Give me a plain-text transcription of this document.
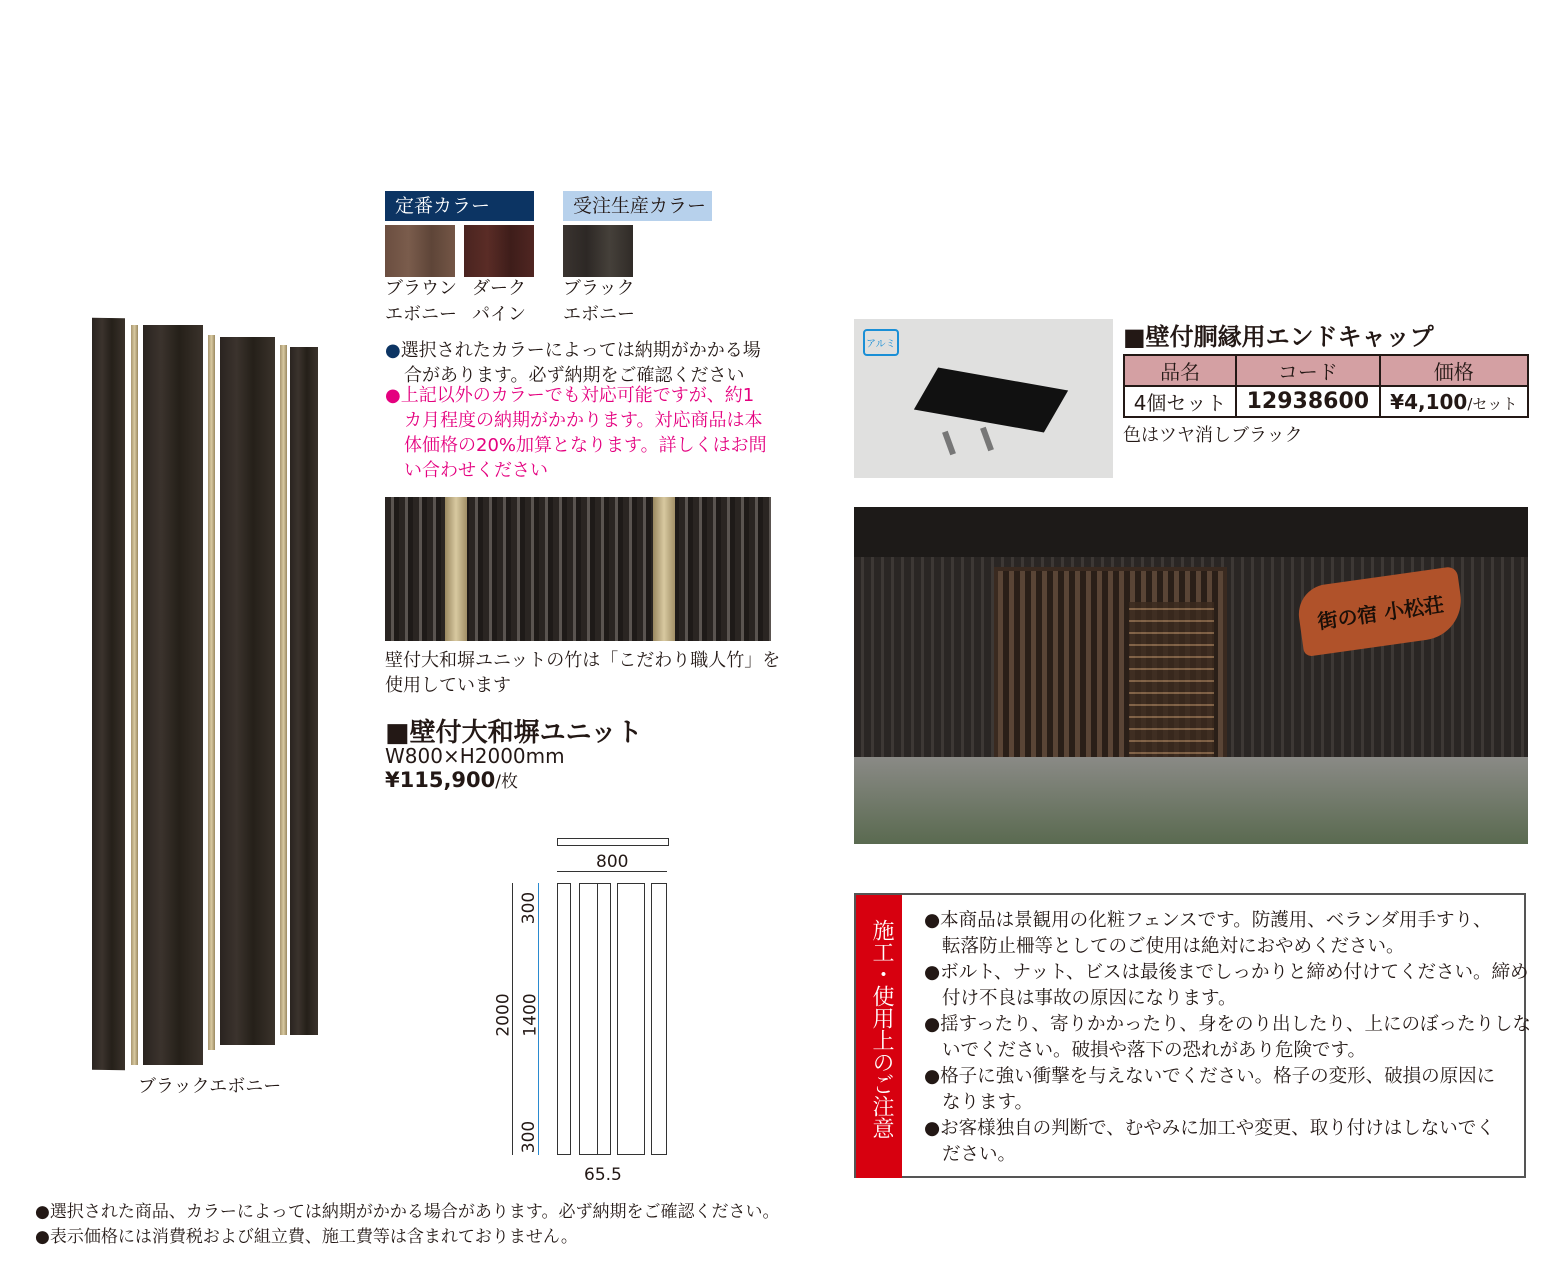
ブラックエボニー
定番カラー	受注生産カラー
ブラウン
エボニー
ダーク
パイン
ブラック
エボニー
●選択されたカラーによっては納期がかかる場
合があります。必ず納期をご確認ください
●上記以外のカラーでも対応可能ですが、約1
カ月程度の納期がかかります。対応商品は本
体価格の20%加算となります。詳しくはお問
い合わせください
壁付大和塀ユニットの竹は「こだわり職人竹」を
使用しています
■壁付大和塀ユニット
W800×H2000mm
¥115,900/枚
800
2000
300
1400
300
65.5
アルミ	■壁付胴縁用エンドキャップ
品名	コード	価格
4個セット	12938600	¥4,100/セット
色はツヤ消しブラック
街の宿 小松荘
施工・使用上のご注意 ●本商品は景観用の化粧フェンスです。防護用、ベランダ用手すり、
転落防止柵等としてのご使用は絶対におやめください。
●ボルト、ナット、ビスは最後までしっかりと締め付けてください。締め
付け不良は事故の原因になります。
●揺すったり、寄りかかったり、身をのり出したり、上にのぼったりしな
いでください。破損や落下の恐れがあり危険です。
●格子に強い衝撃を与えないでください。格子の変形、破損の原因に
なります。
●お客様独自の判断で、むやみに加工や変更、取り付けはしないでく
ださい。
●選択された商品、カラーによっては納期がかかる場合があります。必ず納期をご確認ください。
●表示価格には消費税および組立費、施工費等は含まれておりません。
